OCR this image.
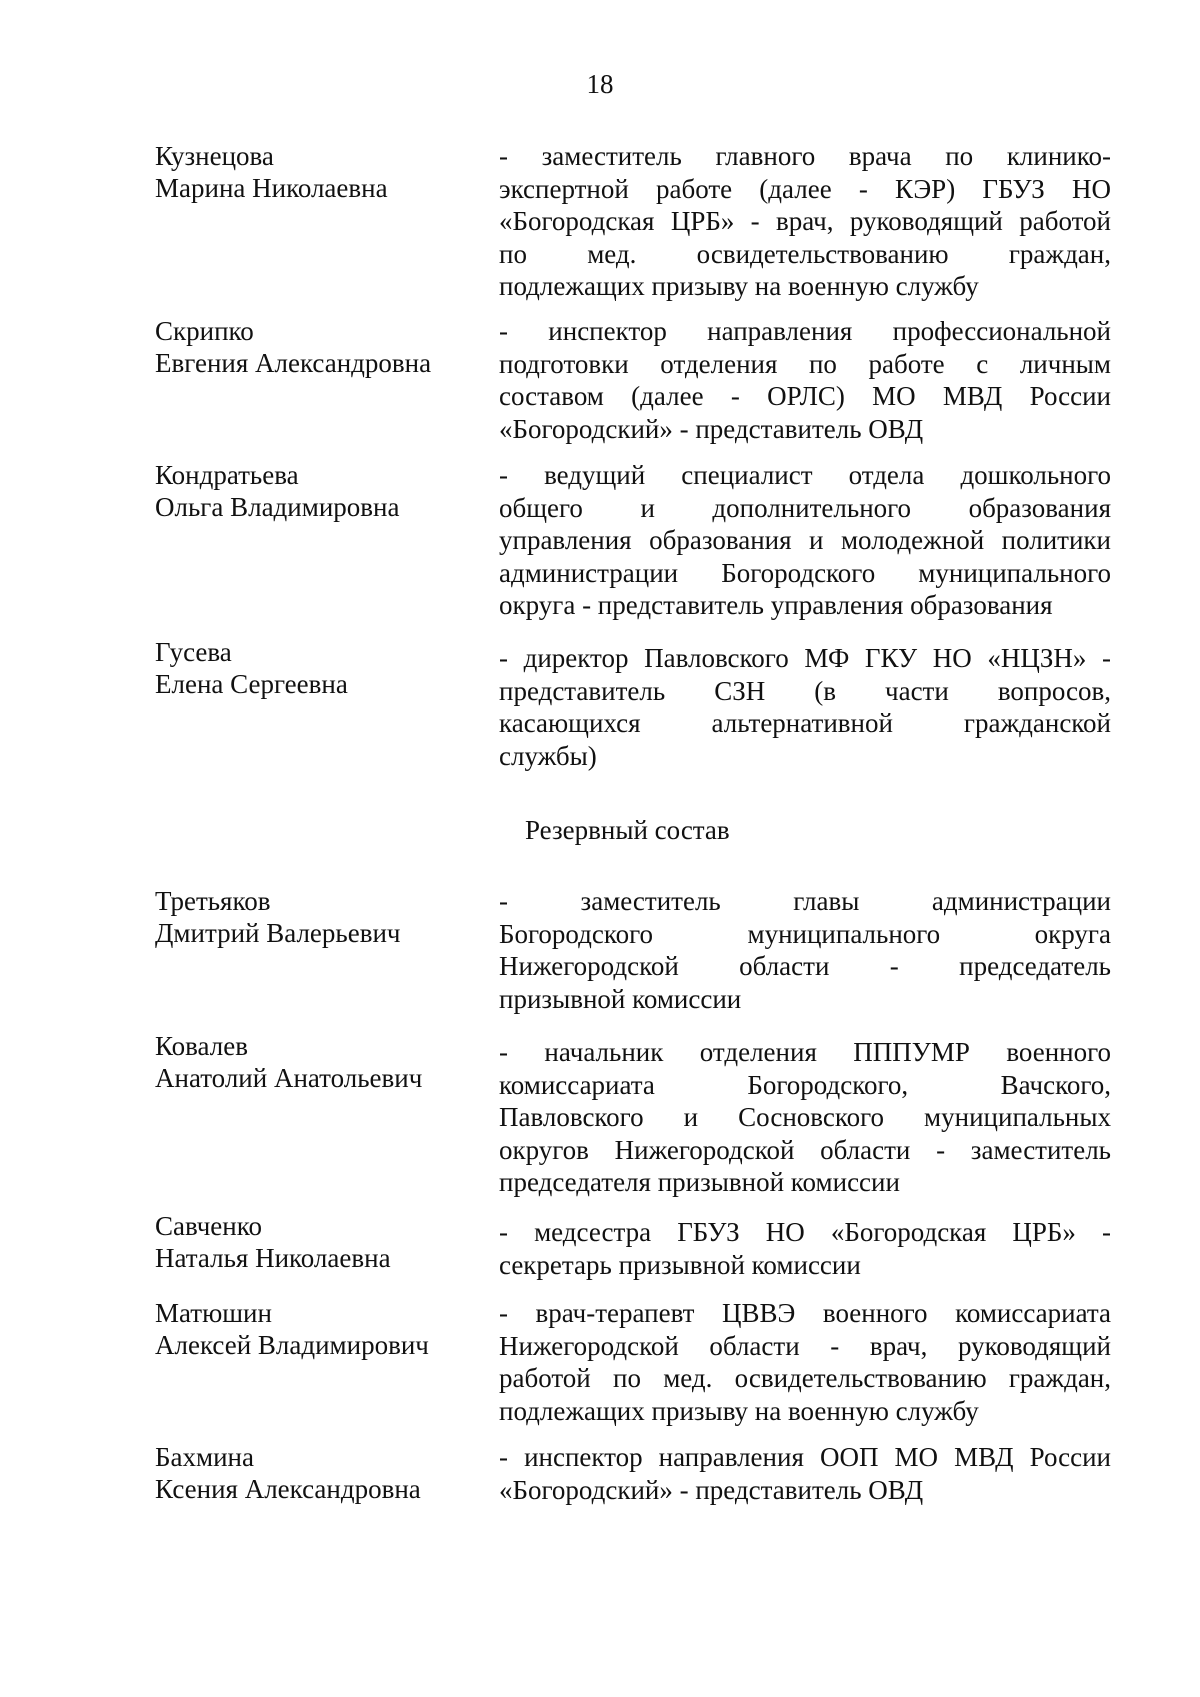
18
Кузнецова
Марина Николаевна
- заместитель главного врача по клинико-
экспертной работе (далее - КЭР) ГБУЗ НО
«Богородская ЦРБ» - врач, руководящий работой
по мед. освидетельствованию граждан,
подлежащих призыву на военную службу
Скрипко
Евгения Александровна
- инспектор направления профессиональной
подготовки отделения по работе с личным
составом (далее - ОРЛС) МО МВД России
«Богородский» - представитель ОВД
Кондратьева
Ольга Владимировна
- ведущий специалист отдела дошкольного
общего и дополнительного образования
управления образования и молодежной политики
администрации Богородского муниципального
округа - представитель управления образования
Гусева
Елена Сергеевна
- директор Павловского МФ ГКУ НО «НЦЗН» -
представитель СЗН (в части вопросов,
касающихся альтернативной гражданской
службы)
Резервный состав
Третьяков
Дмитрий Валерьевич
- заместитель главы администрации
Богородского муниципального округа
Нижегородской области - председатель
призывной комиссии
Ковалев
Анатолий Анатольевич
- начальник отделения ПППУМР военного
комиссариата Богородского, Вачского,
Павловского и Сосновского муниципальных
округов Нижегородской области - заместитель
председателя призывной комиссии
Савченко
Наталья Николаевна
- медсестра ГБУЗ НО «Богородская ЦРБ» -
секретарь призывной комиссии
Матюшин
Алексей Владимирович
- врач-терапевт ЦВВЭ военного комиссариата
Нижегородской области - врач, руководящий
работой по мед. освидетельствованию граждан,
подлежащих призыву на военную службу
Бахмина
Ксения Александровна
- инспектор направления ООП МО МВД России
«Богородский» - представитель ОВД
